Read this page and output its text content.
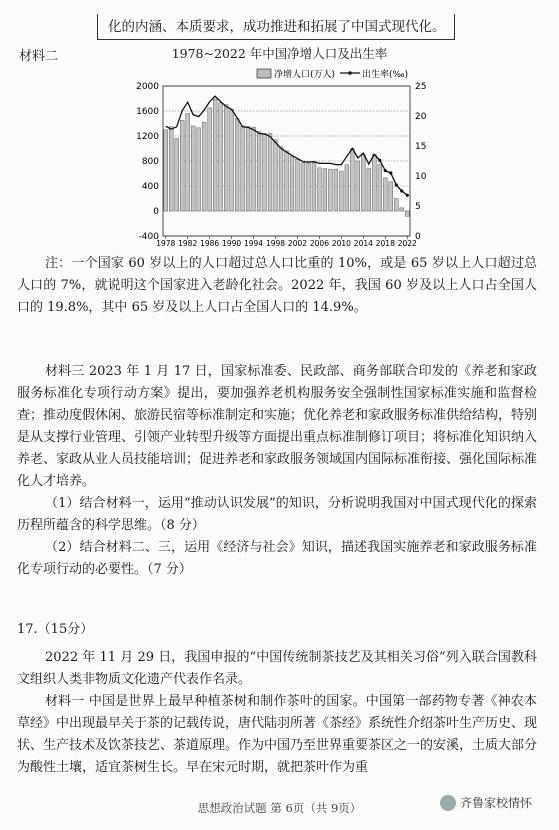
化的内涵、本质要求，成功推进和拓展了中国式现代化。
材料二	1978~2022 年中国净增人口及出生率
-400
0
400
800
1200
1600
2000
0
5
10
15
20
25
1978 1982 1986 1990 1994 1998 2002 2006 2010 2014 2018 2022
净增人口(万人)	出生率(‰)

注：一个国家 60 岁以上的人口超过总人口比重的 10%，或是 65 岁以上人口超过总人口的 7%，就说明这个国家进入老龄化社会。2022 年，我国 60 岁及以上人口占全国人口的 19.8%，其中 65 岁及以上人口占全国人口的 14.9%。

材料三 2023 年 1 月 17 日，国家标准委、民政部、商务部联合印发的《养老和家政服务标准化专项行动方案》提出，要加强养老机构服务安全强制性国家标准实施和监督检查；推动度假休闲、旅游民宿等标准制定和实施；优化养老和家政服务标准供给结构，特别是从支撑行业管理、引领产业转型升级等方面提出重点标准制修订项目；将标准化知识纳入养老、家政从业人员技能培训；促进养老和家政服务领域国内国际标准衔接、强化国际标准化人才培养。

（1）结合材料一，运用“推动认识发展”的知识，分析说明我国对中国式现代化的探索历程所蕴含的科学思维。（8 分）

（2）结合材料二、三，运用《经济与社会》知识，描述我国实施养老和家政服务标准化专项行动的必要性。（7 分）

17.（15分）

2022 年 11 月 29 日，我国申报的“中国传统制茶技艺及其相关习俗”列入联合国教科文组织人类非物质文化遗产代表作名录。

材料一 中国是世界上最早种植茶树和制作茶叶的国家。中国第一部药物专著《神农本草经》中出现最早关于茶的记载传说，唐代陆羽所著《茶经》系统性介绍茶叶生产历史、现状、生产技术及饮茶技艺、茶道原理。作为中国乃至世界重要茶区之一的安溪，土质大部分为酸性土壤，适宜茶树生长。早在宋元时期，就把茶叶作为重

思想政治试题 第 6页（共 9页）	齐鲁家校情怀
